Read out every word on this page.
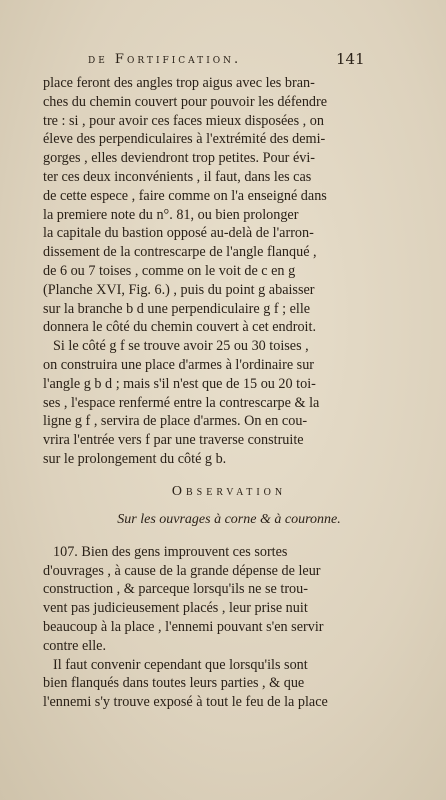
de Fortification.	141
place feront des angles trop aigus avec les bran-
ches du chemin couvert pour pouvoir les défendre
tre : si , pour avoir ces faces mieux disposées , on
éleve des perpendiculaires à l'extrémité des demi-
gorges , elles deviendront trop petites. Pour évi-
ter ces deux inconvénients , il faut, dans les cas
de cette espece , faire comme on l'a enseigné dans
la premiere note du n°. 81, ou bien prolonger
la capitale du bastion opposé au-delà de l'arron-
dissement de la contrescarpe de l'angle flanqué ,
de 6 ou 7 toises , comme on le voit de c en g
(Planche XVI, Fig. 6.) , puis du point g abaisser
sur la branche b d une perpendiculaire g f ; elle
donnera le côté du chemin couvert à cet endroit.
Si le côté g f se trouve avoir 25 ou 30 toises ,
on construira une place d'armes à l'ordinaire sur
l'angle g b d ; mais s'il n'est que de 15 ou 20 toi-
ses , l'espace renfermé entre la contrescarpe & la
ligne g f , servira de place d'armes. On en cou-
vrira l'entrée vers f par une traverse construite
sur le prolongement du côté g b.
Observation
Sur les ouvrages à corne & à couronne.
107. Bien des gens improuvent ces sortes
d'ouvrages , à cause de la grande dépense de leur
construction , & parceque lorsqu'ils ne se trou-
vent pas judicieusement placés , leur prise nuit
beaucoup à la place , l'ennemi pouvant s'en servir
contre elle.
Il faut convenir cependant que lorsqu'ils sont
bien flanqués dans toutes leurs parties , & que
l'ennemi s'y trouve exposé à tout le feu de la place
